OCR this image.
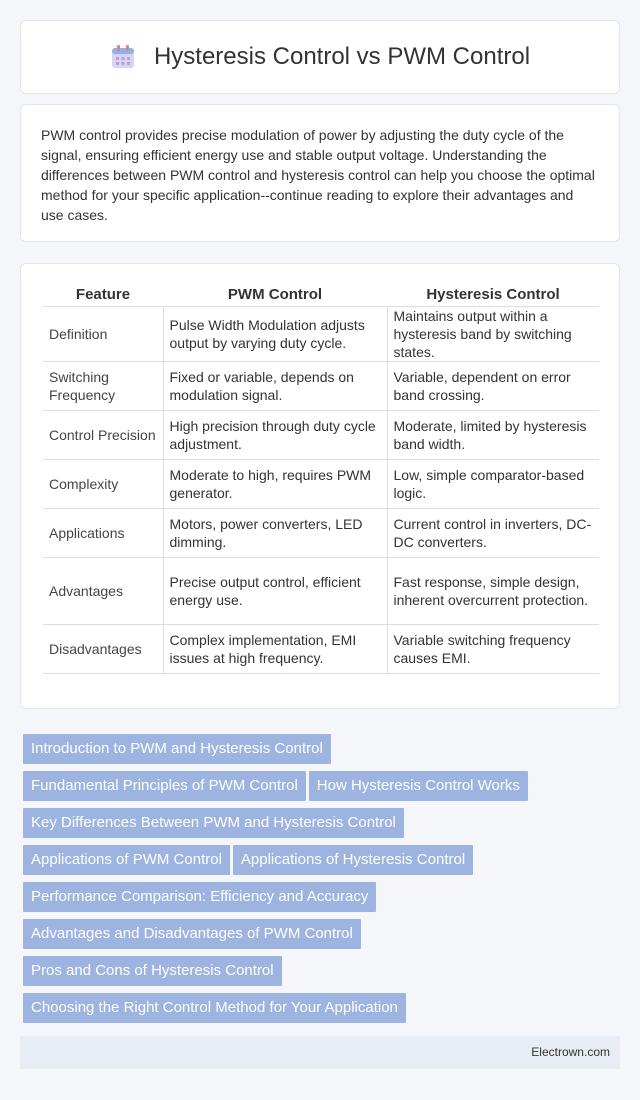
Hysteresis Control vs PWM Control

PWM control provides precise modulation of power by adjusting the duty cycle of the signal, ensuring efficient energy use and stable output voltage. Understanding the differences between PWM control and hysteresis control can help you choose the optimal method for your specific application--continue reading to explore their advantages and use cases.

Feature	PWM Control	Hysteresis Control
Definition	Pulse Width Modulation adjusts output by varying duty cycle.	Maintains output within a hysteresis band by switching states.
Switching Frequency	Fixed or variable, depends on modulation signal.	Variable, dependent on error band crossing.
Control Precision	High precision through duty cycle adjustment.	Moderate, limited by hysteresis band width.
Complexity	Moderate to high, requires PWM generator.	Low, simple comparator-based logic.
Applications	Motors, power converters, LED dimming.	Current control in inverters, DC-DC converters.
Advantages	Precise output control, efficient energy use.	Fast response, simple design, inherent overcurrent protection.
Disadvantages	Complex implementation, EMI issues at high frequency.	Variable switching frequency causes EMI.
Introduction to PWM and Hysteresis Control
Fundamental Principles of PWM Control How Hysteresis Control Works
Key Differences Between PWM and Hysteresis Control
Applications of PWM Control Applications of Hysteresis Control
Performance Comparison: Efficiency and Accuracy
Advantages and Disadvantages of PWM Control
Pros and Cons of Hysteresis Control
Choosing the Right Control Method for Your Application
Electrown.com
